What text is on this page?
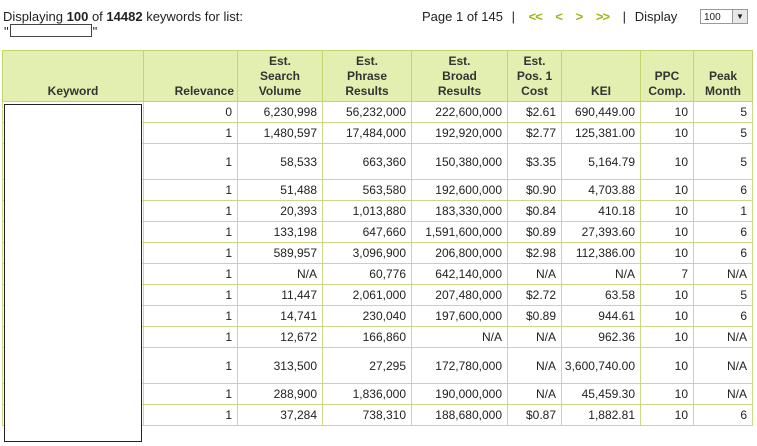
Displaying 100 of 14482 keywords for list:
"	"
Page 1 of 145 | << < > >> | Display	100	▼
Keyword	Relevance	Est.
Search
Volume	Est.
Phrase
Results	Est.
Broad
Results	Est.
Pos. 1
Cost	KEI	PPC
Comp.	Peak
Month
	0	6,230,998	56,232,000	222,600,000	$2.61	690,449.00	10	5
	1	1,480,597	17,484,000	192,920,000	$2.77	125,381.00	10	5
	1	58,533	663,360	150,380,000	$3.35	5,164.79	10	5
	1	51,488	563,580	192,600,000	$0.90	4,703.88	10	6
	1	20,393	1,013,880	183,330,000	$0.84	410.18	10	1
	1	133,198	647,660	1,591,600,000	$0.89	27,393.60	10	6
	1	589,957	3,096,900	206,800,000	$2.98	112,386.00	10	6
	1	N/A	60,776	642,140,000	N/A	N/A	7	N/A
	1	11,447	2,061,000	207,480,000	$2.72	63.58	10	5
	1	14,741	230,040	197,600,000	$0.89	944.61	10	6
	1	12,672	166,860	N/A	N/A	962.36	10	N/A
	1	313,500	27,295	172,780,000	N/A	3,600,740.00	10	N/A
	1	288,900	1,836,000	190,000,000	N/A	45,459.30	10	N/A
	1	37,284	738,310	188,680,000	$0.87	1,882.81	10	6
